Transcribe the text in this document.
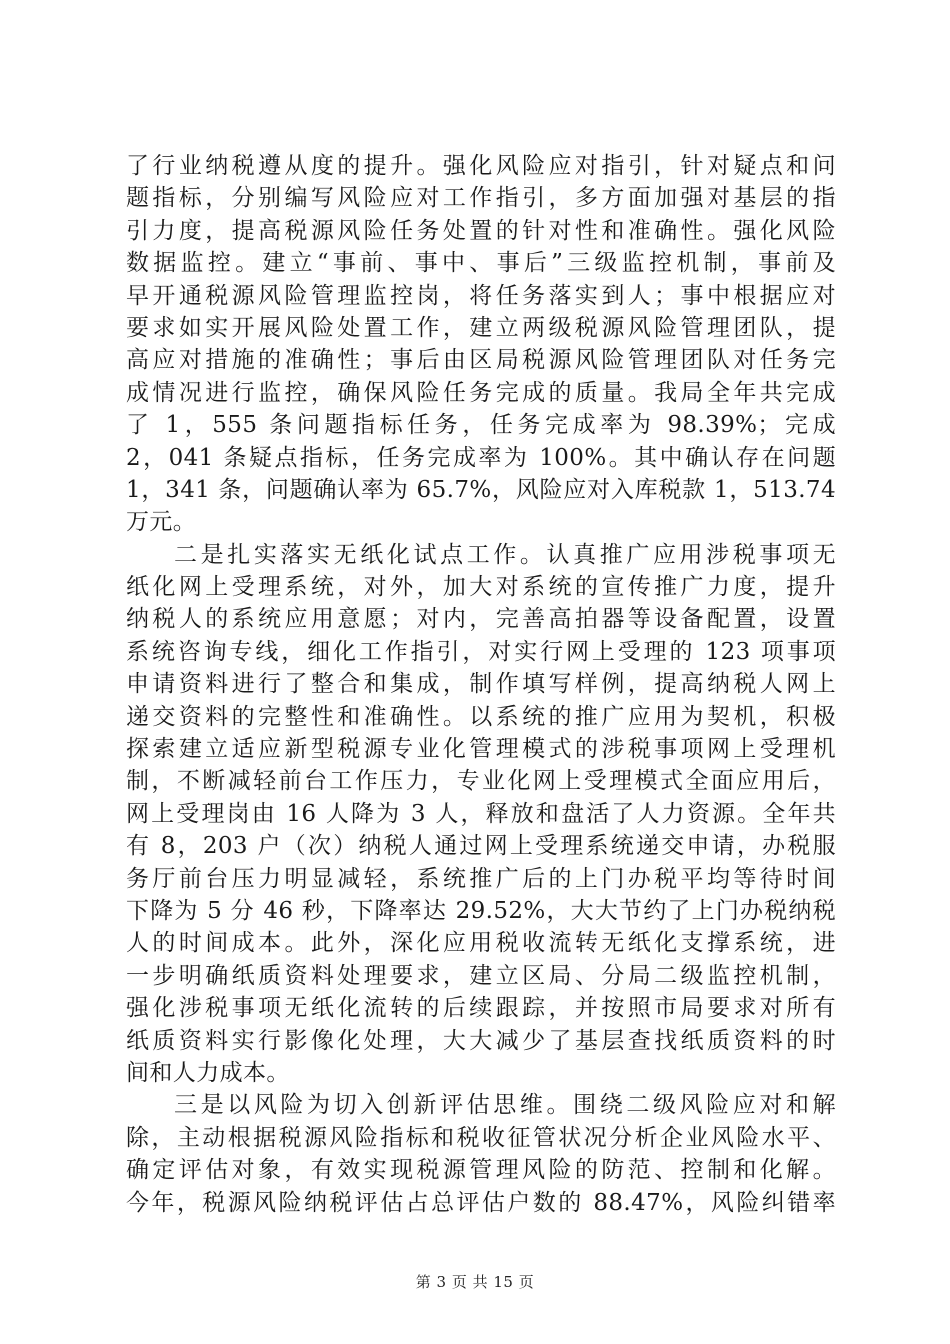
了行业纳税遵从度的提升。强化风险应对指引，针对疑点和问
题指标，分别编写风险应对工作指引，多方面加强对基层的指
引力度，提高税源风险任务处置的针对性和准确性。强化风险
数据监控。建立“事前、事中、事后”三级监控机制，事前及
早开通税源风险管理监控岗，将任务落实到人；事中根据应对
要求如实开展风险处置工作，建立两级税源风险管理团队，提
高应对措施的准确性；事后由区局税源风险管理团队对任务完
成情况进行监控，确保风险任务完成的质量。我局全年共完成
了 1，555 条问题指标任务，任务完成率为 98.39%；完成
2，041 条疑点指标，任务完成率为 100%。其中确认存在问题
1，341 条，问题确认率为 65.7%，风险应对入库税款 1，513.74
万元。
二是扎实落实无纸化试点工作。认真推广应用涉税事项无
纸化网上受理系统，对外，加大对系统的宣传推广力度，提升
纳税人的系统应用意愿；对内，完善高拍器等设备配置，设置
系统咨询专线，细化工作指引，对实行网上受理的 123 项事项
申请资料进行了整合和集成，制作填写样例，提高纳税人网上
递交资料的完整性和准确性。以系统的推广应用为契机，积极
探索建立适应新型税源专业化管理模式的涉税事项网上受理机
制，不断减轻前台工作压力，专业化网上受理模式全面应用后，
网上受理岗由 16 人降为 3 人，释放和盘活了人力资源。全年共
有 8，203 户（次）纳税人通过网上受理系统递交申请，办税服
务厅前台压力明显减轻，系统推广后的上门办税平均等待时间
下降为 5 分 46 秒，下降率达 29.52%，大大节约了上门办税纳税
人的时间成本。此外，深化应用税收流转无纸化支撑系统，进
一步明确纸质资料处理要求，建立区局、分局二级监控机制，
强化涉税事项无纸化流转的后续跟踪，并按照市局要求对所有
纸质资料实行影像化处理，大大减少了基层查找纸质资料的时
间和人力成本。
三是以风险为切入创新评估思维。围绕二级风险应对和解
除，主动根据税源风险指标和税收征管状况分析企业风险水平、
确定评估对象，有效实现税源管理风险的防范、控制和化解。
今年，税源风险纳税评估占总评估户数的 88.47%，风险纠错率
第 3 页 共 15 页
